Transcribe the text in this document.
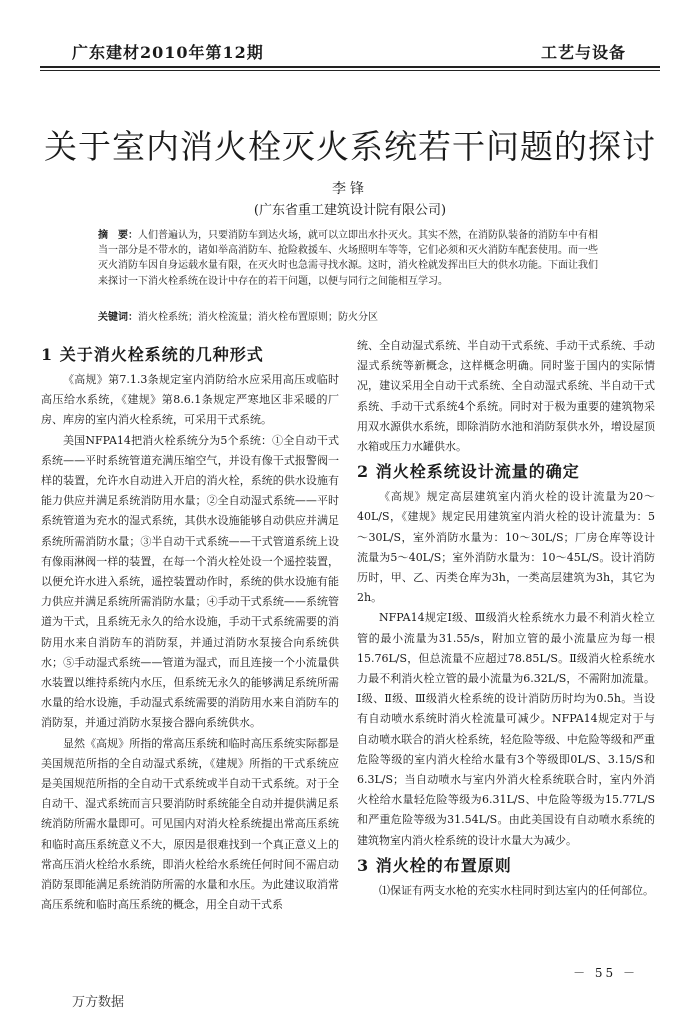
广东建材2010年第12期	工艺与设备
关于室内消火栓灭火系统若干问题的探讨
李锋
(广东省重工建筑设计院有限公司)
摘　要：人们普遍认为，只要消防车到达火场，就可以立即出水扑灭火。其实不然，在消防队装备的消防车中有相当一部分是不带水的，诸如举高消防车、抢险救援车、火场照明车等等，它们必须和灭火消防车配套使用。而一些灭火消防车因自身运载水量有限，在灭火时也急需寻找水源。这时，消火栓就发挥出巨大的供水功能。下面让我们来探讨一下消火栓系统在设计中存在的若干问题，以便与同行之间能相互学习。
关键词：消火栓系统；消火栓流量；消火栓布置原则；防火分区
1 关于消火栓系统的几种形式

《高规》第7.1.3条规定室内消防给水应采用高压或临时高压给水系统，《建规》第8.6.1条规定严寒地区非采暖的厂房、库房的室内消火栓系统，可采用干式系统。

美国NFPA14把消火栓系统分为5个系统：①全自动干式系统——平时系统管道充满压缩空气，并设有像干式报警阀一样的装置，允许水自动进入开启的消火栓，系统的供水设施有能力供应并满足系统消防用水量；②全自动湿式系统——平时系统管道为充水的湿式系统，其供水设施能够自动供应并满足系统所需消防水量；③半自动干式系统——干式管道系统上设有像雨淋阀一样的装置，在每一个消火栓处设一个遥控装置，以便允许水进入系统，遥控装置动作时，系统的供水设施有能力供应并满足系统所需消防水量；④手动干式系统——系统管道为干式，且系统无永久的给水设施，手动干式系统需要的消防用水来自消防车的消防泵，并通过消防水泵接合向系统供水；⑤手动湿式系统——管道为湿式，而且连接一个小流量供水装置以维持系统内水压，但系统无永久的能够满足系统所需水量的给水设施，手动湿式系统需要的消防用水来自消防车的消防泵，并通过消防水泵接合器向系统供水。

显然《高规》所指的常高压系统和临时高压系统实际都是美国规范所指的全自动湿式系统，《建规》所指的干式系统应是美国规范所指的全自动干式系统或半自动干式系统。对于全自动干、湿式系统而言只要消防时系统能全自动并提供满足系统消防所需水量即可。可见国内对消火栓系统提出常高压系统和临时高压系统意义不大，原因是很难找到一个真正意义上的常高压消火栓给水系统，即消火栓给水系统任何时间不需启动消防泵即能满足系统消防所需的水量和水压。为此建议取消常高压系统和临时高压系统的概念，用全自动干式系

统、全自动湿式系统、半自动干式系统、手动干式系统、手动湿式系统等新概念，这样概念明确。同时鉴于国内的实际情况，建议采用全自动干式系统、全自动湿式系统、半自动干式系统、手动干式系统4个系统。同时对于极为重要的建筑物采用双水源供水系统，即除消防水池和消防泵供水外，增设屋顶水箱或压力水罐供水。

2 消火栓系统设计流量的确定

《高规》规定高层建筑室内消火栓的设计流量为20～40L/S，《建规》规定民用建筑室内消火栓的设计流量为：5～30L/S，室外消防水量为：10～30L/S；厂房仓库等设计流量为5～40L/S；室外消防水量为：10～45L/S。设计消防历时，甲、乙、丙类仓库为3h，一类高层建筑为3h，其它为2h。

NFPA14规定Ⅰ级、Ⅲ级消火栓系统水力最不利消火栓立管的最小流量为31.55/s，附加立管的最小流量应为每一根15.76L/S，但总流量不应超过78.85L/S。Ⅱ级消火栓系统水力最不利消火栓立管的最小流量为6.32L/S，不需附加流量。Ⅰ级、Ⅱ级、Ⅲ级消火栓系统的设计消防历时均为0.5h。当设有自动喷水系统时消火栓流量可减少。NFPA14规定对于与自动喷水联合的消火栓系统，轻危险等级、中危险等级和严重危险等级的室内消火栓给水量有3个等级即0L/S、3.15/S和6.3L/S；当自动喷水与室内外消火栓系统联合时，室内外消火栓给水量轻危险等级为6.31L/S、中危险等级为15.77L/S和严重危险等级为31.54L/S。由此美国设有自动喷水系统的建筑物室内消火栓系统的设计水量大为减少。

3 消火栓的布置原则

⑴保证有两支水枪的充实水柱同时到达室内的任何部位。

－ 55 －
万方数据
